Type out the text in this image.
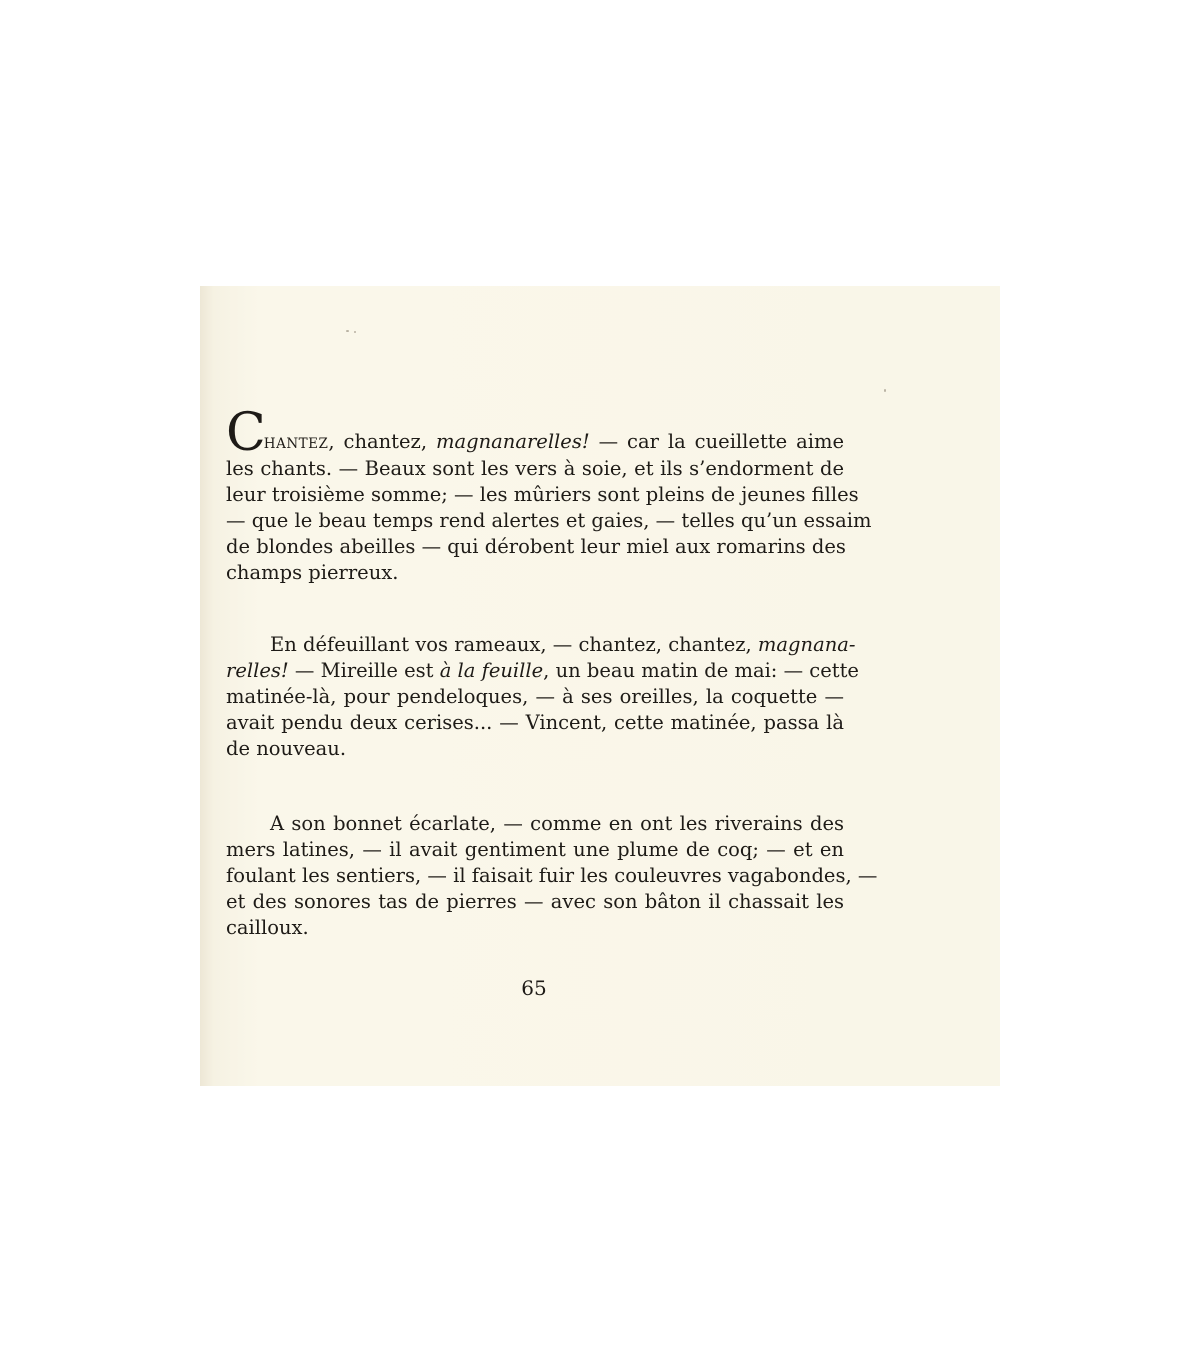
CHANTEZ, chantez, magnanarelles! — car la cueillette aime
les chants. — Beaux sont les vers à soie, et ils s’endorment de
leur troisième somme; — les mûriers sont pleins de jeunes filles
— que le beau temps rend alertes et gaies, — telles qu’un essaim
de blondes abeilles — qui dérobent leur miel aux romarins des
champs pierreux.
En défeuillant vos rameaux, — chantez, chantez, magnana-
relles! — Mireille est à la feuille, un beau matin de mai: — cette
matinée-là, pour pendeloques, — à ses oreilles, la coquette —
avait pendu deux cerises... — Vincent, cette matinée, passa là
de nouveau.
A son bonnet écarlate, — comme en ont les riverains des
mers latines, — il avait gentiment une plume de coq; — et en
foulant les sentiers, — il faisait fuir les couleuvres vagabondes, —
et des sonores tas de pierres — avec son bâton il chassait les
cailloux.
65
